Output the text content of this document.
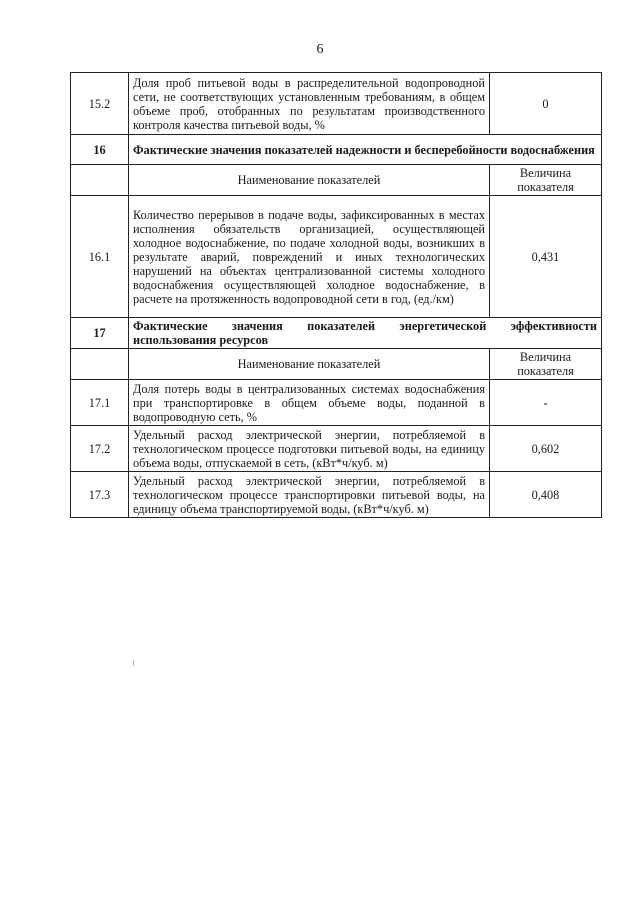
6
15.2	Доля проб питьевой воды в распределительной водопроводной сети, не соответствующих установленным требованиям, в общем объеме проб, отобранных по результатам производственного контроля качества питьевой воды, %	0
16	Фактические значения показателей надежности и бесперебойности водоснабжения	
	Наименование показателей	Величина показателя
16.1	Количество перерывов в подаче воды, зафиксированных в местах исполнения обязательств организацией, осуществляющей холодное водоснабжение, по подаче холодной воды, возникших в результате аварий, повреждений и иных технологических нарушений на объектах централизованной системы холодного водоснабжения осуществляющей холодное водоснабжение, в расчете на протяженность водопроводной сети в год, (ед./км)	0,431
17	Фактические значения показателей энергетической эффективности использования ресурсов	
	Наименование показателей	Величина показателя
17.1	Доля потерь воды в централизованных системах водоснабжения при транспортировке в общем объеме воды, поданной в водопроводную сеть, %	-
17.2	Удельный расход электрической энергии, потребляемой в технологическом процессе подготовки питьевой воды, на единицу объема воды, отпускаемой в сеть, (кВт*ч/куб. м)	0,602
17.3	Удельный расход электрической энергии, потребляемой в технологическом процессе транспортировки питьевой воды, на единицу объема транспортируемой воды, (кВт*ч/куб. м)	0,408
